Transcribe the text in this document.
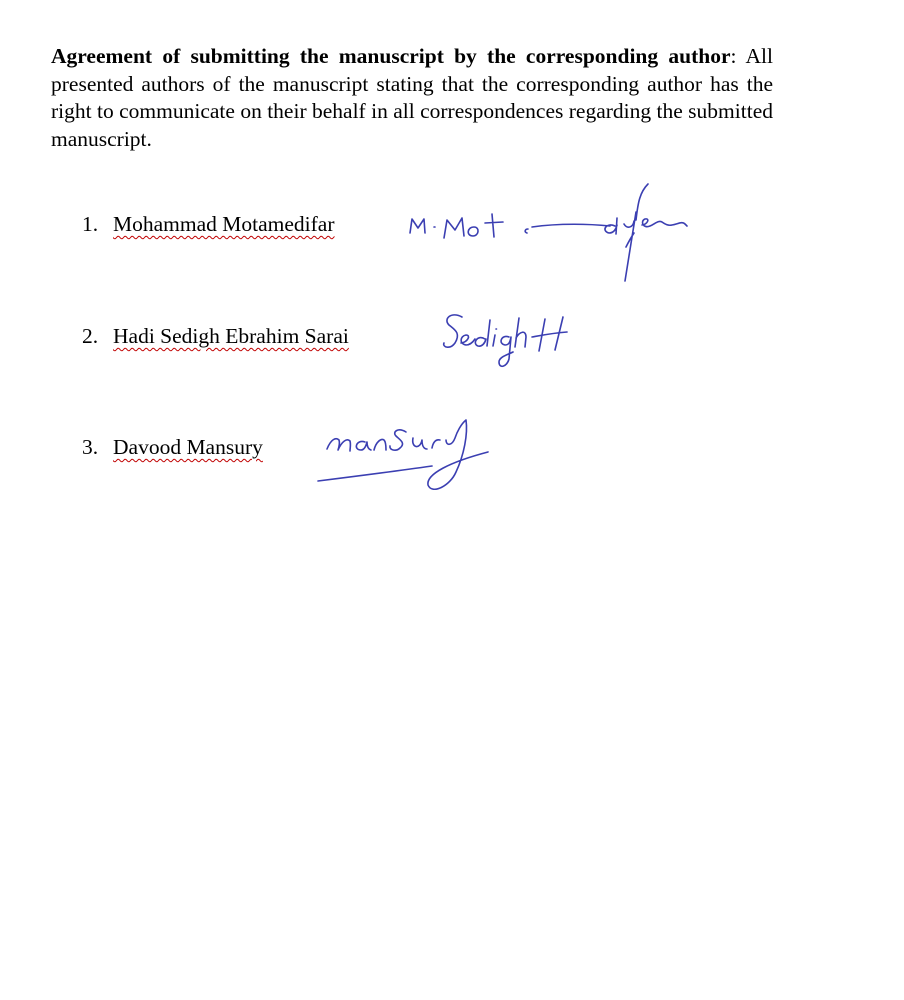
Agreement of submitting the manuscript by the corresponding author: All presented authors of the manuscript stating that the corresponding author has the right to communicate on their behalf in all correspondences regarding the submitted manuscript.

1. Mohammad Motamedifar
2. Hadi Sedigh Ebrahim Sarai
3. Davood Mansury
